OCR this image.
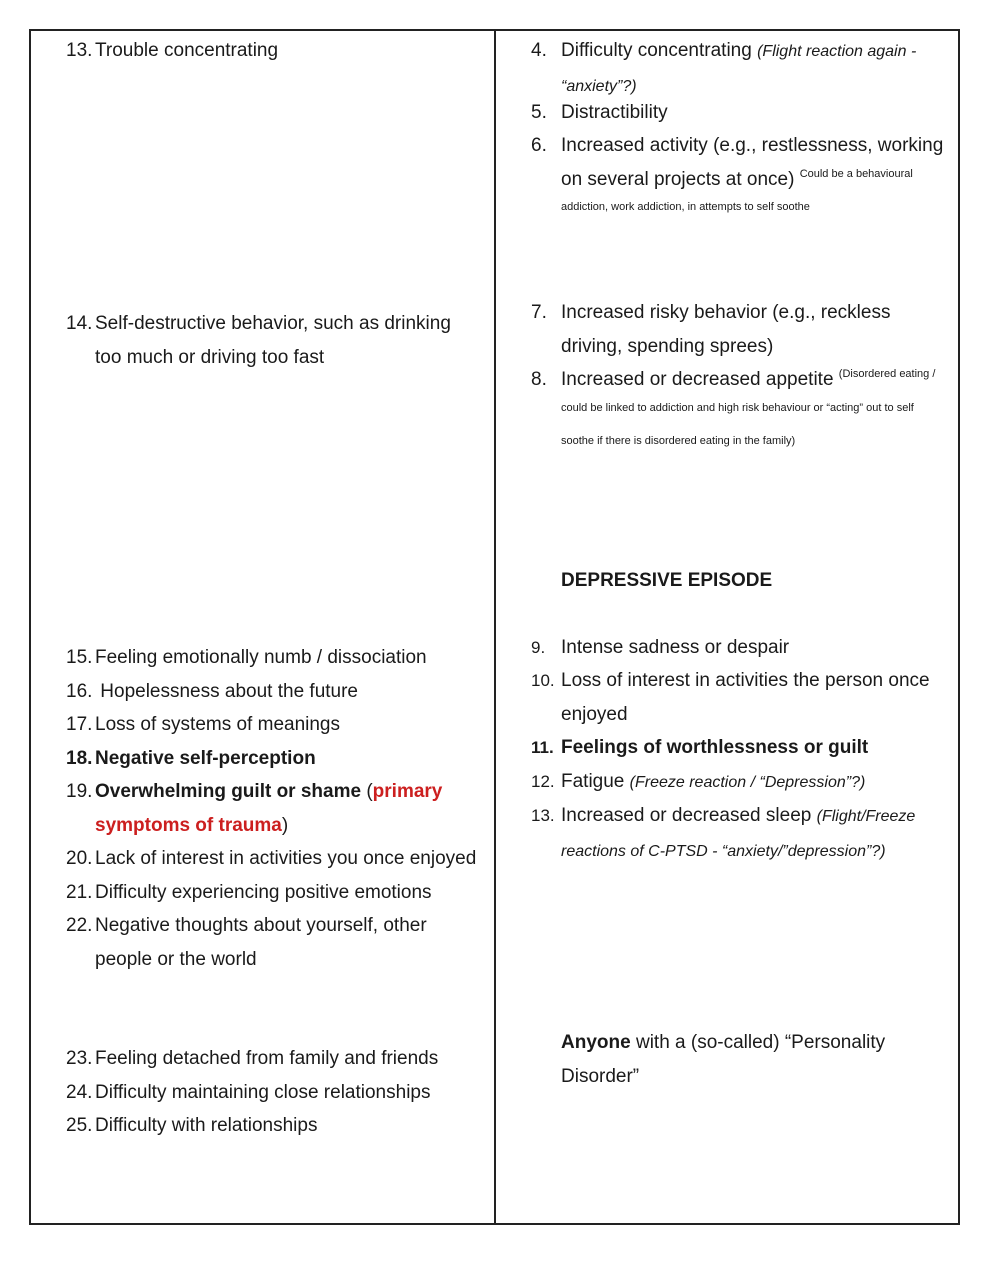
13. Trouble concentrating
14. Self-destructive behavior, such as drinking
too much or driving too fast
15. Feeling emotionally numb / dissociation
16. Hopelessness about the future
17. Loss of systems of meanings
18. Negative self-perception
19. Overwhelming guilt or shame (primary
symptoms of trauma)
20. Lack of interest in activities you once enjoyed
21. Difficulty experiencing positive emotions
22. Negative thoughts about yourself, other
people or the world
23. Feeling detached from family and friends
24. Difficulty maintaining close relationships
25. Difficulty with relationships
4. Difficulty concentrating (Flight reaction again -
“anxiety”?)
5. Distractibility
6. Increased activity (e.g., restlessness, working
on several projects at once) $^{Could be a behavioural}$
addiction, work addiction, in attempts to self soothe
7. Increased risky behavior (e.g., reckless
driving, spending sprees)
8. Increased or decreased appetite $^{(Disordered eating /}$
could be linked to addiction and high risk behaviour or “acting” out to self
soothe if there is disordered eating in the family)
DEPRESSIVE EPISODE
9. Intense sadness or despair
10. Loss of interest in activities the person once
enjoyed
11. Feelings of worthlessness or guilt
12. Fatigue (Freeze reaction / “Depression”?)
13. Increased or decreased sleep (Flight/Freeze
reactions of C-PTSD - “anxiety/”depression”?)
Anyone with a (so-called) “Personality
Disorder”
